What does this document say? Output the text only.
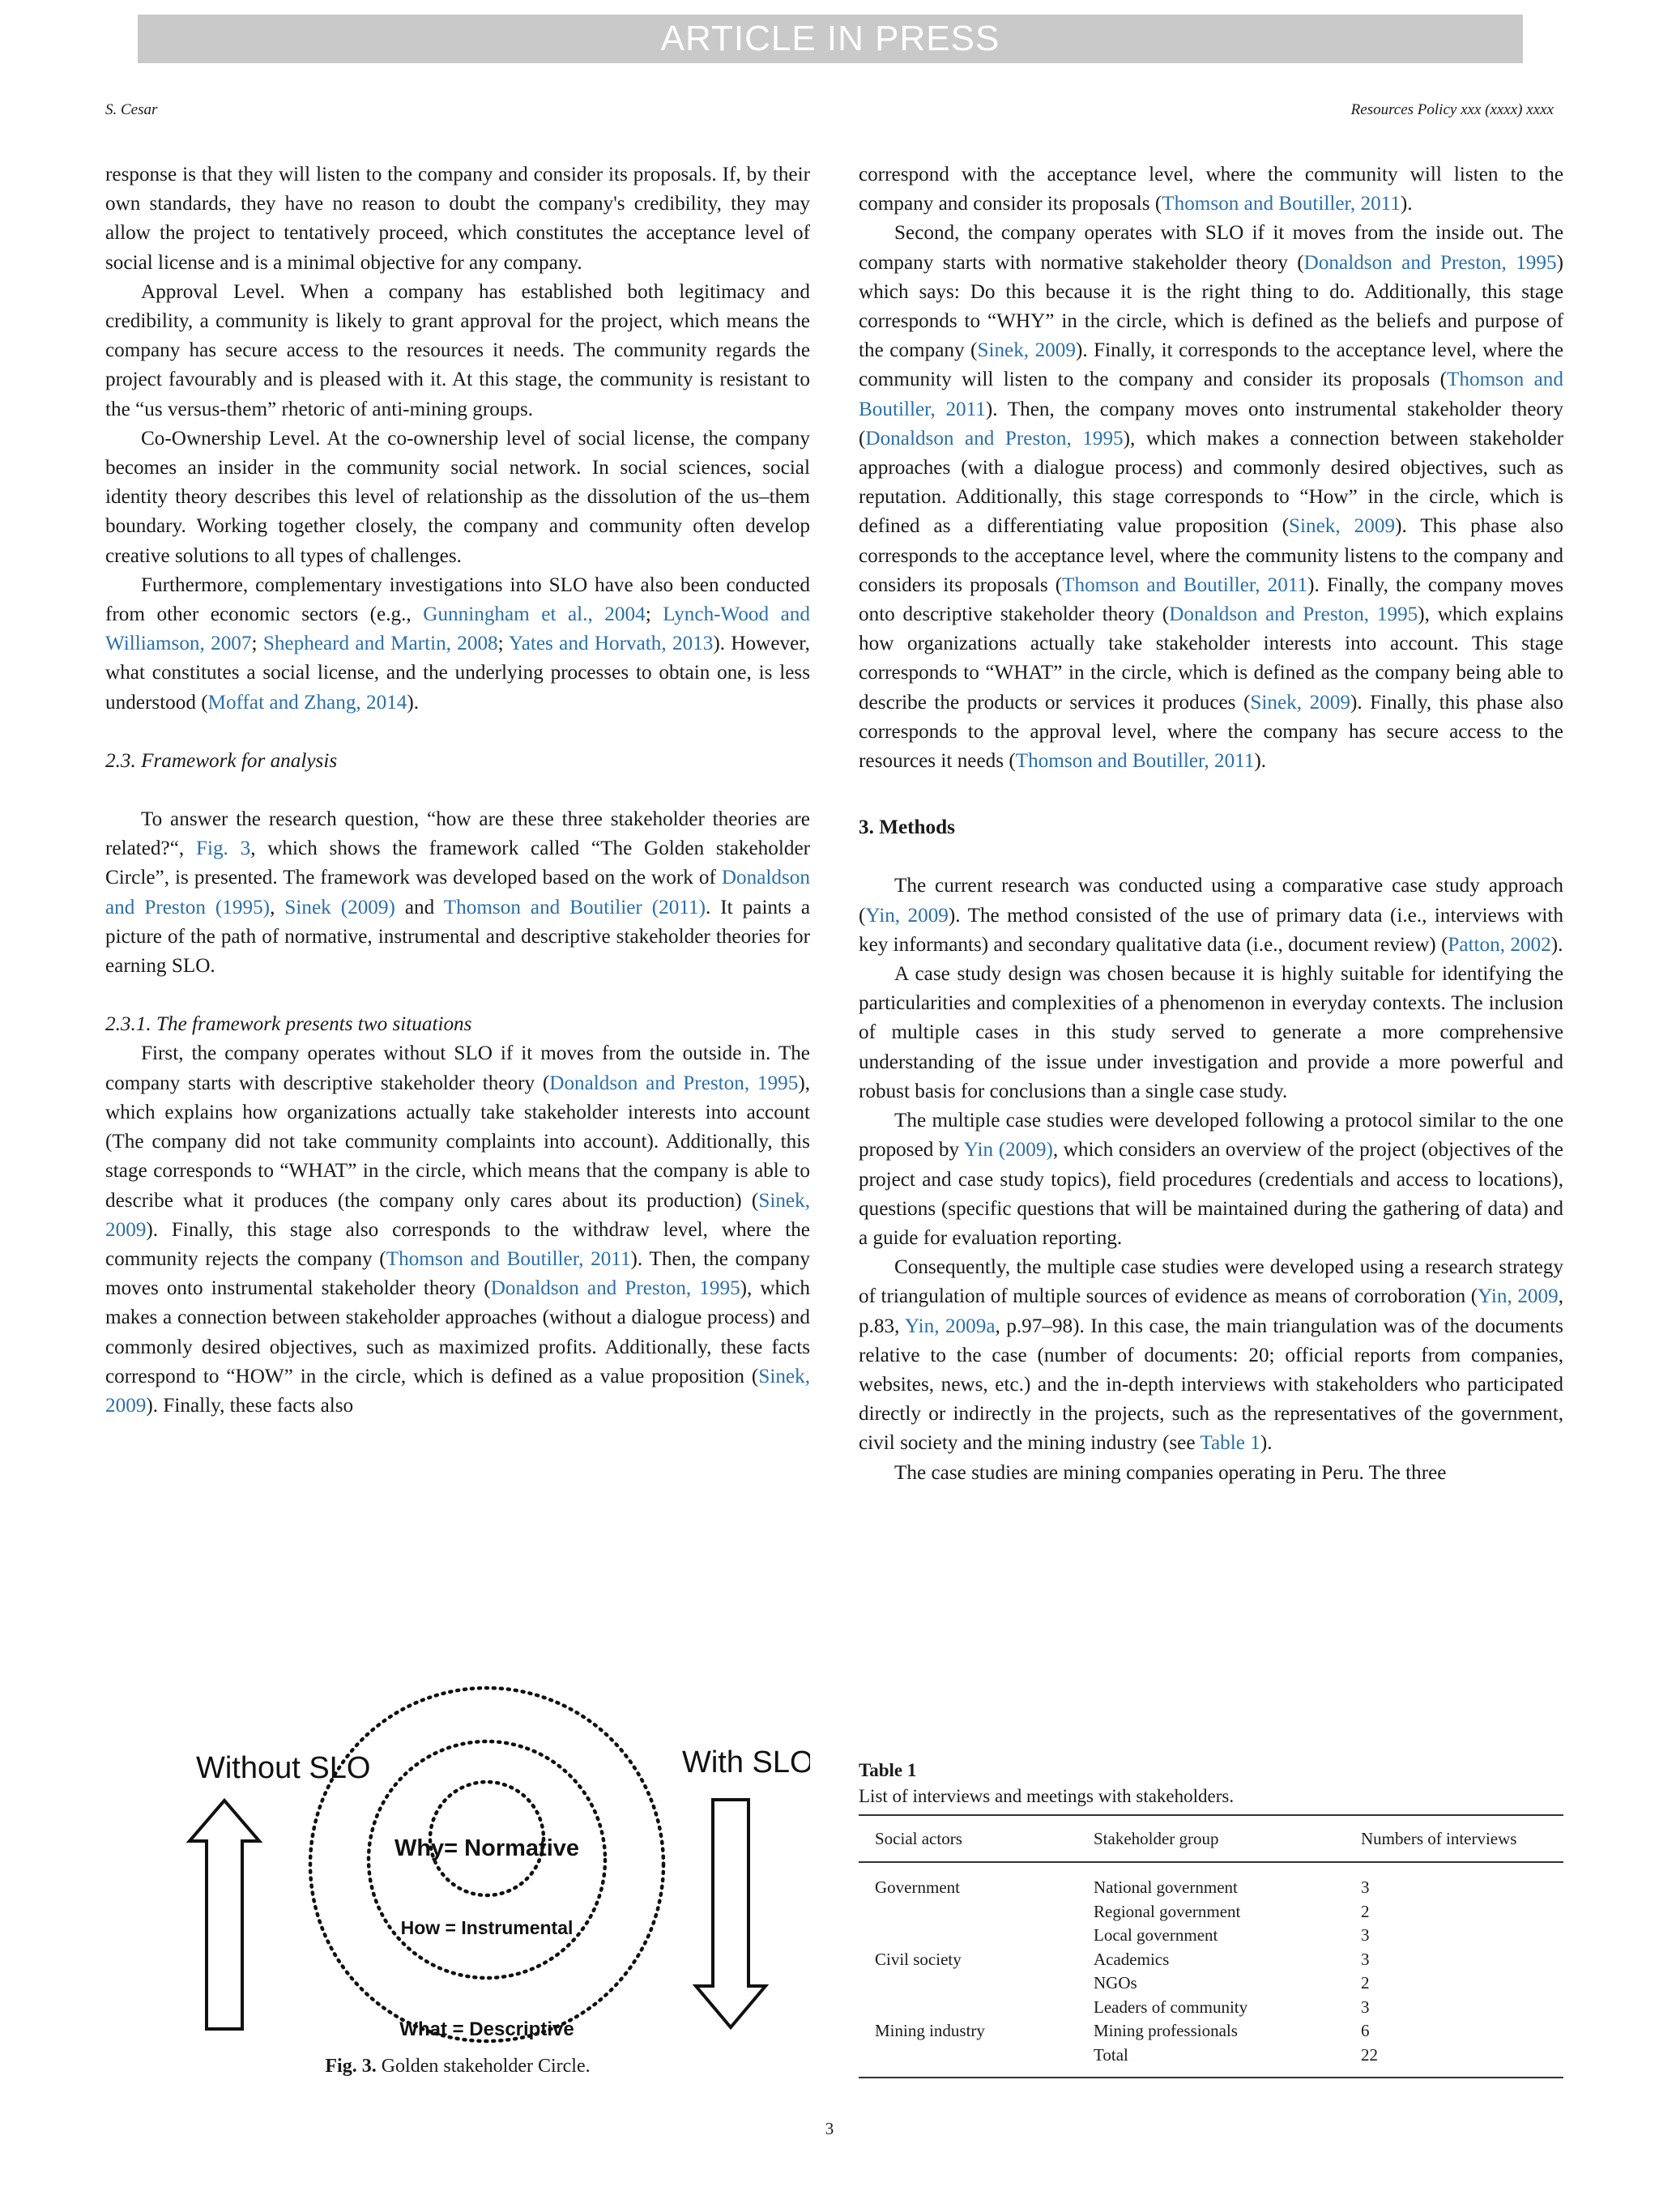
ARTICLE IN PRESS
S. Cesar	Resources Policy xxx (xxxx) xxxx

response is that they will listen to the company and consider its proposals. If, by their own standards, they have no reason to doubt the company's credibility, they may allow the project to tentatively proceed, which constitutes the acceptance level of social license and is a minimal objective for any company.

Approval Level. When a company has established both legitimacy and credibility, a community is likely to grant approval for the project, which means the company has secure access to the resources it needs. The community regards the project favourably and is pleased with it. At this stage, the community is resistant to the “us versus-them” rhetoric of anti-mining groups.

Co-Ownership Level. At the co-ownership level of social license, the company becomes an insider in the community social network. In social sciences, social identity theory describes this level of relationship as the dissolution of the us–them boundary. Working together closely, the company and community often develop creative solutions to all types of challenges.

Furthermore, complementary investigations into SLO have also been conducted from other economic sectors (e.g., Gunningham et al., 2004; Lynch-Wood and Williamson, 2007; Shepheard and Martin, 2008; Yates and Horvath, 2013). However, what constitutes a social license, and the underlying processes to obtain one, is less understood (Moffat and Zhang, 2014).

2.3. Framework for analysis

To answer the research question, “how are these three stakeholder theories are related?“, Fig. 3, which shows the framework called “The Golden stakeholder Circle”, is presented. The framework was developed based on the work of Donaldson and Preston (1995), Sinek (2009) and Thomson and Boutilier (2011). It paints a picture of the path of normative, instrumental and descriptive stakeholder theories for earning SLO.

2.3.1. The framework presents two situations

First, the company operates without SLO if it moves from the outside in. The company starts with descriptive stakeholder theory (Donaldson and Preston, 1995), which explains how organizations actually take stakeholder interests into account (The company did not take community complaints into account). Additionally, this stage corresponds to “WHAT” in the circle, which means that the company is able to describe what it produces (the company only cares about its production) (Sinek, 2009). Finally, this stage also corresponds to the withdraw level, where the community rejects the company (Thomson and Boutiller, 2011). Then, the company moves onto instrumental stakeholder theory (Donaldson and Preston, 1995), which makes a connection between stakeholder approaches (without a dialogue process) and commonly desired objectives, such as maximized profits. Additionally, these facts correspond to “HOW” in the circle, which is defined as a value proposition (Sinek, 2009). Finally, these facts also

Without SLO	With SLO
Why= Normative
How = Instrumental
What = Descriptive
Fig. 3. Golden stakeholder Circle.

correspond with the acceptance level, where the community will listen to the company and consider its proposals (Thomson and Boutiller, 2011).

Second, the company operates with SLO if it moves from the inside out. The company starts with normative stakeholder theory (Donaldson and Preston, 1995) which says: Do this because it is the right thing to do. Additionally, this stage corresponds to “WHY” in the circle, which is defined as the beliefs and purpose of the company (Sinek, 2009). Finally, it corresponds to the acceptance level, where the community will listen to the company and consider its proposals (Thomson and Boutiller, 2011). Then, the company moves onto instrumental stakeholder theory (Donaldson and Preston, 1995), which makes a connection between stakeholder approaches (with a dialogue process) and commonly desired objectives, such as reputation. Additionally, this stage corresponds to “How” in the circle, which is defined as a differentiating value proposition (Sinek, 2009). This phase also corresponds to the acceptance level, where the community listens to the company and considers its proposals (Thomson and Boutiller, 2011). Finally, the company moves onto descriptive stakeholder theory (Donaldson and Preston, 1995), which explains how organizations actually take stakeholder interests into account. This stage corresponds to “WHAT” in the circle, which is defined as the company being able to describe the products or services it produces (Sinek, 2009). Finally, this phase also corresponds to the approval level, where the company has secure access to the resources it needs (Thomson and Boutiller, 2011).

3. Methods

The current research was conducted using a comparative case study approach (Yin, 2009). The method consisted of the use of primary data (i.e., interviews with key informants) and secondary qualitative data (i.e., document review) (Patton, 2002).

A case study design was chosen because it is highly suitable for identifying the particularities and complexities of a phenomenon in everyday contexts. The inclusion of multiple cases in this study served to generate a more comprehensive understanding of the issue under investigation and provide a more powerful and robust basis for conclusions than a single case study.

The multiple case studies were developed following a protocol similar to the one proposed by Yin (2009), which considers an overview of the project (objectives of the project and case study topics), field procedures (credentials and access to locations), questions (specific questions that will be maintained during the gathering of data) and a guide for evaluation reporting.

Consequently, the multiple case studies were developed using a research strategy of triangulation of multiple sources of evidence as means of corroboration (Yin, 2009, p.83, Yin, 2009a, p.97–98). In this case, the main triangulation was of the documents relative to the case (number of documents: 20; official reports from companies, websites, news, etc.) and the in-depth interviews with stakeholders who participated directly or indirectly in the projects, such as the representatives of the government, civil society and the mining industry (see Table 1).

The case studies are mining companies operating in Peru. The three

Table 1
List of interviews and meetings with stakeholders.
Social actors	Stakeholder group	Numbers of interviews
Government	National government	3
	Regional government	2
	Local government	3
Civil society	Academics	3
	NGOs	2
	Leaders of community	3
Mining industry	Mining professionals	6
	Total	22
3
